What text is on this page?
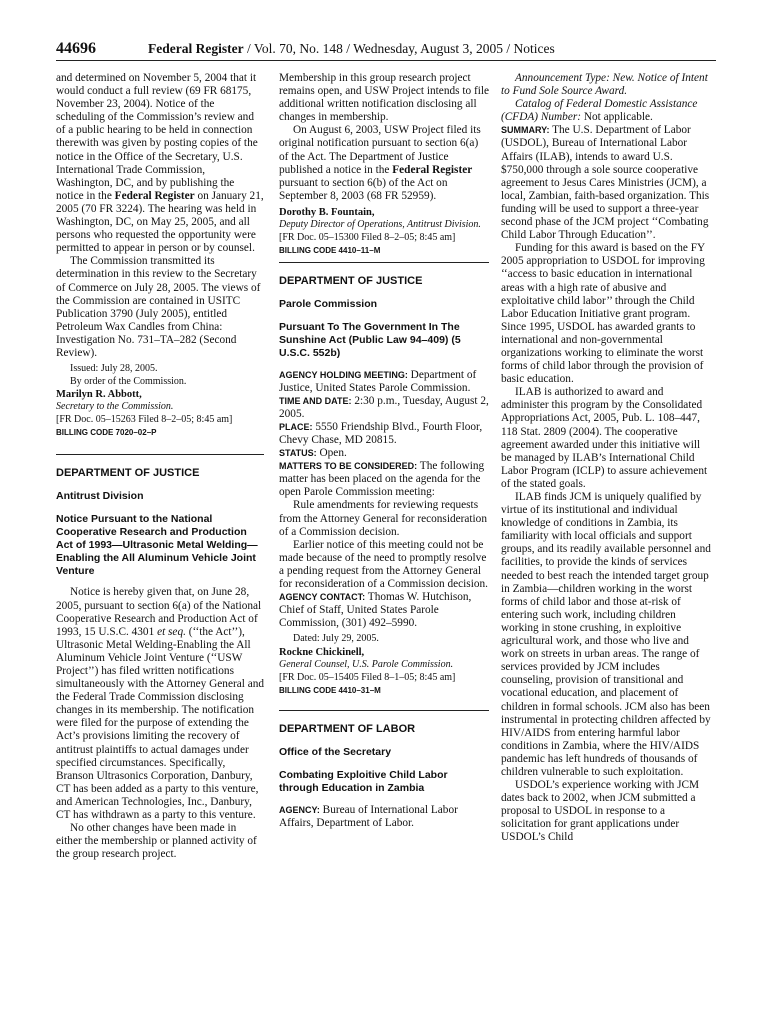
44696	Federal Register / Vol. 70, No. 148 / Wednesday, August 3, 2005 / Notices

and determined on November 5, 2004 that it would conduct a full review (69 FR 68175, November 23, 2004). Notice of the scheduling of the Commission’s review and of a public hearing to be held in connection therewith was given by posting copies of the notice in the Office of the Secretary, U.S. International Trade Commission, Washington, DC, and by publishing the notice in the Federal Register on January 21, 2005 (70 FR 3224). The hearing was held in Washington, DC, on May 25, 2005, and all persons who requested the opportunity were permitted to appear in person or by counsel.

The Commission transmitted its determination in this review to the Secretary of Commerce on July 28, 2005. The views of the Commission are contained in USITC Publication 3790 (July 2005), entitled Petroleum Wax Candles from China: Investigation No. 731–TA–282 (Second Review).

Issued: July 28, 2005.

By order of the Commission.

Marilyn R. Abbott,

Secretary to the Commission.

[FR Doc. 05–15263 Filed 8–2–05; 8:45 am]

BILLING CODE 7020–02–P

DEPARTMENT OF JUSTICE

Antitrust Division

Notice Pursuant to the National Cooperative Research and Production Act of 1993—Ultrasonic Metal Welding—Enabling the All Aluminum Vehicle Joint Venture

Notice is hereby given that, on June 28, 2005, pursuant to section 6(a) of the National Cooperative Research and Production Act of 1993, 15 U.S.C. 4301 et seq. (‘‘the Act’’), Ultrasonic Metal Welding-Enabling the All Aluminum Vehicle Joint Venture (‘‘USW Project’’) has filed written notifications simultaneously with the Attorney General and the Federal Trade Commission disclosing changes in its membership. The notification were filed for the purpose of extending the Act’s provisions limiting the recovery of antitrust plaintiffs to actual damages under specified circumstances. Specifically, Branson Ultrasonics Corporation, Danbury, CT has been added as a party to this venture, and American Technologies, Inc., Danbury, CT has withdrawn as a party to this venture.

No other changes have been made in either the membership or planned activity of the group research project.

Membership in this group research project remains open, and USW Project intends to file additional written notification disclosing all changes in membership.

On August 6, 2003, USW Project filed its original notification pursuant to section 6(a) of the Act. The Department of Justice published a notice in the Federal Register pursuant to section 6(b) of the Act on September 8, 2003 (68 FR 52959).

Dorothy B. Fountain,

Deputy Director of Operations, Antitrust Division.

[FR Doc. 05–15300 Filed 8–2–05; 8:45 am]

BILLING CODE 4410–11–M

DEPARTMENT OF JUSTICE

Parole Commission

Pursuant To The Government In The Sunshine Act (Public Law 94–409) (5 U.S.C. 552b)

AGENCY HOLDING MEETING: Department of Justice, United States Parole Commission.

TIME AND DATE: 2:30 p.m., Tuesday, August 2, 2005.

PLACE: 5550 Friendship Blvd., Fourth Floor, Chevy Chase, MD 20815.

STATUS: Open.

MATTERS TO BE CONSIDERED: The following matter has been placed on the agenda for the open Parole Commission meeting:

Rule amendments for reviewing requests from the Attorney General for reconsideration of a Commission decision.

Earlier notice of this meeting could not be made because of the need to promptly resolve a pending request from the Attorney General for reconsideration of a Commission decision.

AGENCY CONTACT: Thomas W. Hutchison, Chief of Staff, United States Parole Commission, (301) 492–5990.

Dated: July 29, 2005.

Rockne Chickinell,

General Counsel, U.S. Parole Commission.

[FR Doc. 05–15405 Filed 8–1–05; 8:45 am]

BILLING CODE 4410–31–M

DEPARTMENT OF LABOR

Office of the Secretary

Combating Exploitive Child Labor through Education in Zambia

AGENCY: Bureau of International Labor Affairs, Department of Labor.

Announcement Type: New. Notice of Intent to Fund Sole Source Award.

Catalog of Federal Domestic Assistance (CFDA) Number: Not applicable.

SUMMARY: The U.S. Department of Labor (USDOL), Bureau of International Labor Affairs (ILAB), intends to award U.S. $750,000 through a sole source cooperative agreement to Jesus Cares Ministries (JCM), a local, Zambian, faith-based organization. This funding will be used to support a three-year second phase of the JCM project ‘‘Combating Child Labor Through Education’’.

Funding for this award is based on the FY 2005 appropriation to USDOL for improving ‘‘access to basic education in international areas with a high rate of abusive and exploitative child labor’’ through the Child Labor Education Initiative grant program. Since 1995, USDOL has awarded grants to international and non-governmental organizations working to eliminate the worst forms of child labor through the provision of basic education.

ILAB is authorized to award and administer this program by the Consolidated Appropriations Act, 2005, Pub. L. 108–447, 118 Stat. 2809 (2004). The cooperative agreement awarded under this initiative will be managed by ILAB’s International Child Labor Program (ICLP) to assure achievement of the stated goals.

ILAB finds JCM is uniquely qualified by virtue of its institutional and individual knowledge of conditions in Zambia, its familiarity with local officials and support groups, and its readily available personnel and facilities, to provide the kinds of services needed to best reach the intended target group in Zambia—children working in the worst forms of child labor and those at-risk of entering such work, including children working in stone crushing, in exploitive agricultural work, and those who live and work on streets in urban areas. The range of services provided by JCM includes counseling, provision of transitional and vocational education, and placement of children in formal schools. JCM also has been instrumental in protecting children affected by HIV/AIDS from entering harmful labor conditions in Zambia, where the HIV/AIDS pandemic has left hundreds of thousands of children vulnerable to such exploitation.

USDOL’s experience working with JCM dates back to 2002, when JCM submitted a proposal to USDOL in response to a solicitation for grant applications under USDOL’s Child
